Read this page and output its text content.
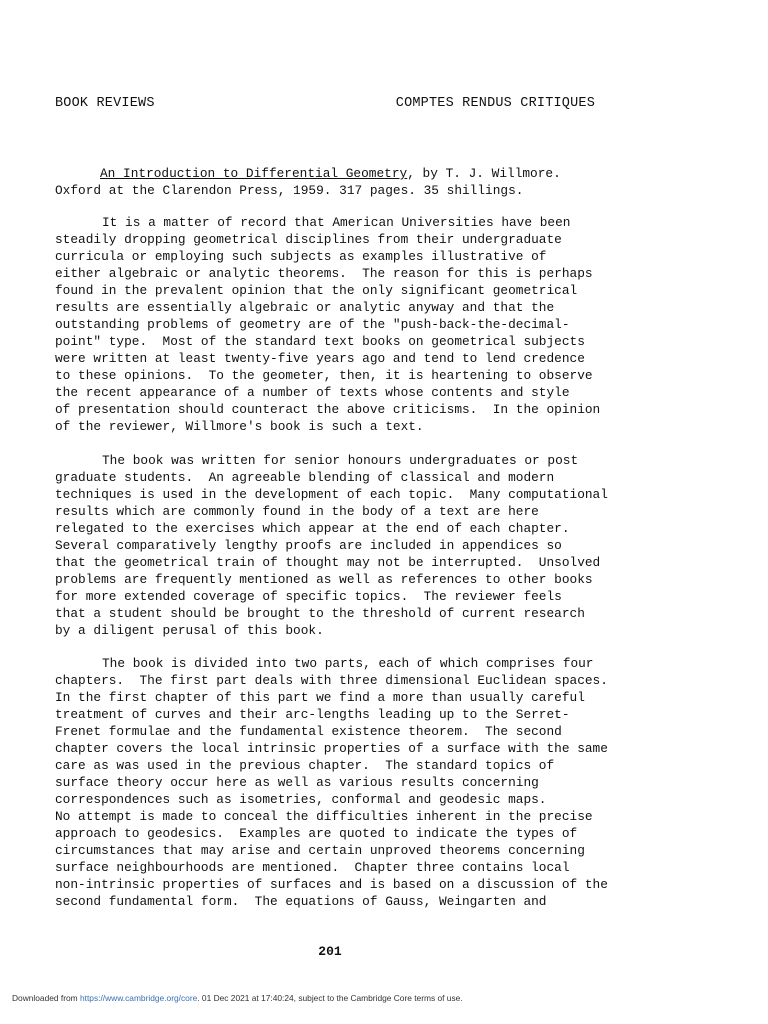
BOOK REVIEWS	COMPTES RENDUS CRITIQUES
An Introduction to Differential Geometry, by T. J. Willmore.
Oxford at the Clarendon Press, 1959. 317 pages. 35 shillings.
It is a matter of record that American Universities have been
steadily dropping geometrical disciplines from their undergraduate
curricula or employing such subjects as examples illustrative of
either algebraic or analytic theorems.  The reason for this is perhaps
found in the prevalent opinion that the only significant geometrical
results are essentially algebraic or analytic anyway and that the
outstanding problems of geometry are of the "push-back-the-decimal-
point" type.  Most of the standard text books on geometrical subjects
were written at least twenty-five years ago and tend to lend credence
to these opinions.  To the geometer, then, it is heartening to observe
the recent appearance of a number of texts whose contents and style
of presentation should counteract the above criticisms.  In the opinion
of the reviewer, Willmore's book is such a text.
The book was written for senior honours undergraduates or post
graduate students.  An agreeable blending of classical and modern
techniques is used in the development of each topic.  Many computational
results which are commonly found in the body of a text are here
relegated to the exercises which appear at the end of each chapter.
Several comparatively lengthy proofs are included in appendices so
that the geometrical train of thought may not be interrupted.  Unsolved
problems are frequently mentioned as well as references to other books
for more extended coverage of specific topics.  The reviewer feels
that a student should be brought to the threshold of current research
by a diligent perusal of this book.
The book is divided into two parts, each of which comprises four
chapters.  The first part deals with three dimensional Euclidean spaces.
In the first chapter of this part we find a more than usually careful
treatment of curves and their arc-lengths leading up to the Serret-
Frenet formulae and the fundamental existence theorem.  The second
chapter covers the local intrinsic properties of a surface with the same
care as was used in the previous chapter.  The standard topics of
surface theory occur here as well as various results concerning
correspondences such as isometries, conformal and geodesic maps.
No attempt is made to conceal the difficulties inherent in the precise
approach to geodesics.  Examples are quoted to indicate the types of
circumstances that may arise and certain unproved theorems concerning
surface neighbourhoods are mentioned.  Chapter three contains local
non-intrinsic properties of surfaces and is based on a discussion of the
second fundamental form.  The equations of Gauss, Weingarten and
201
Downloaded from https://www.cambridge.org/core. 01 Dec 2021 at 17:40:24, subject to the Cambridge Core terms of use.
